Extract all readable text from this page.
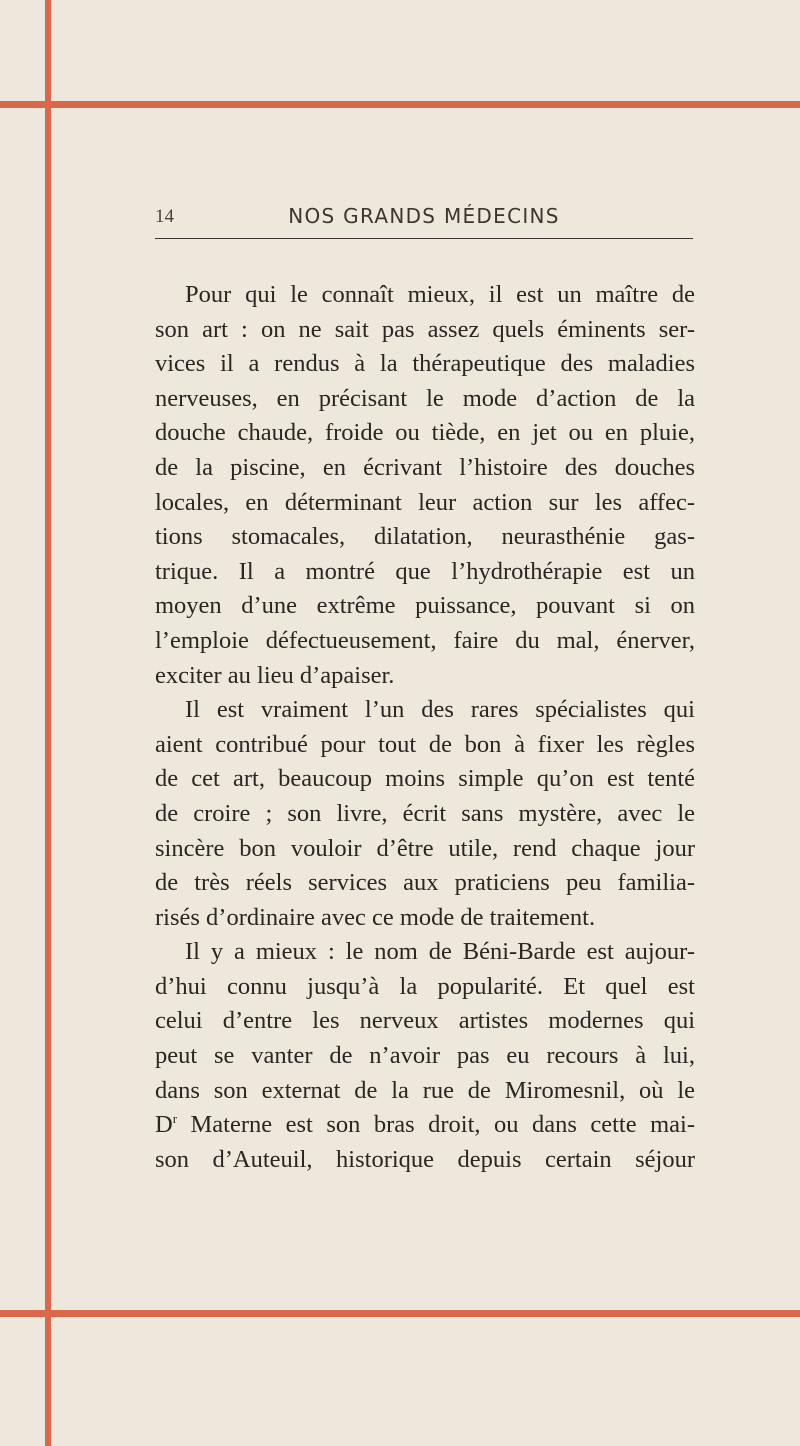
14	NOS GRANDS MÉDECINS
Pour qui le connaît mieux, il est un maître de
son art : on ne sait pas assez quels éminents ser-
vices il a rendus à la thérapeutique des maladies
nerveuses, en précisant le mode d’action de la
douche chaude, froide ou tiède, en jet ou en pluie,
de la piscine, en écrivant l’histoire des douches
locales, en déterminant leur action sur les affec-
tions stomacales, dilatation, neurasthénie gas-
trique. Il a montré que l’hydrothérapie est un
moyen d’une extrême puissance, pouvant si on
l’emploie défectueusement, faire du mal, énerver,
exciter au lieu d’apaiser.
Il est vraiment l’un des rares spécialistes qui
aient contribué pour tout de bon à fixer les règles
de cet art, beaucoup moins simple qu’on est tenté
de croire ; son livre, écrit sans mystère, avec le
sincère bon vouloir d’être utile, rend chaque jour
de très réels services aux praticiens peu familia-
risés d’ordinaire avec ce mode de traitement.
Il y a mieux : le nom de Béni-Barde est aujour-
d’hui connu jusqu’à la popularité. Et quel est
celui d’entre les nerveux artistes modernes qui
peut se vanter de n’avoir pas eu recours à lui,
dans son externat de la rue de Miromesnil, où le
$D^r$ Materne est son bras droit, ou dans cette mai-
son d’Auteuil, historique depuis certain séjour
